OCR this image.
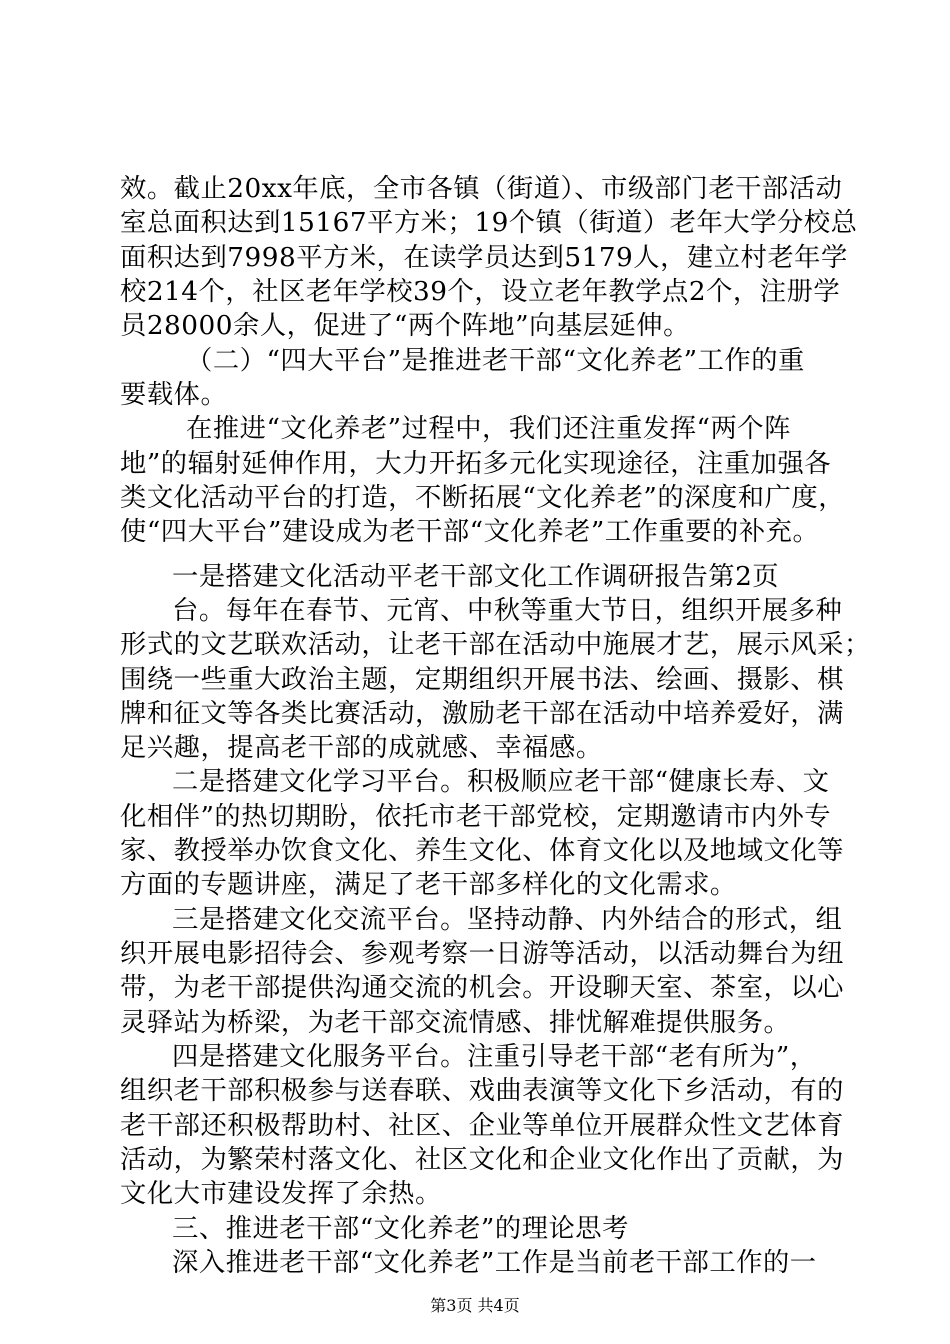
效。截止20xx年底，全市各镇（街道）、市级部门老干部活动
室总面积达到15167平方米；19个镇（街道）老年大学分校总
面积达到7998平方米，在读学员达到5179人，建立村老年学
校214个，社区老年学校39个，设立老年教学点2个，注册学
员28000余人，促进了“两个阵地”向基层延伸。
（二）“四大平台”是推进老干部“文化养老”工作的重
要载体。
在推进“文化养老”过程中，我们还注重发挥“两个阵
地”的辐射延伸作用，大力开拓多元化实现途径，注重加强各
类文化活动平台的打造，不断拓展“文化养老”的深度和广度，
使“四大平台”建设成为老干部“文化养老”工作重要的补充。
一是搭建文化活动平老干部文化工作调研报告第2页
台。每年在春节、元宵、中秋等重大节日，组织开展多种
形式的文艺联欢活动，让老干部在活动中施展才艺，展示风采；
围绕一些重大政治主题，定期组织开展书法、绘画、摄影、棋
牌和征文等各类比赛活动，激励老干部在活动中培养爱好，满
足兴趣，提高老干部的成就感、幸福感。
二是搭建文化学习平台。积极顺应老干部“健康长寿、文
化相伴”的热切期盼，依托市老干部党校，定期邀请市内外专
家、教授举办饮食文化、养生文化、体育文化以及地域文化等
方面的专题讲座，满足了老干部多样化的文化需求。
三是搭建文化交流平台。坚持动静、内外结合的形式，组
织开展电影招待会、参观考察一日游等活动，以活动舞台为纽
带，为老干部提供沟通交流的机会。开设聊天室、茶室，以心
灵驿站为桥梁，为老干部交流情感、排忧解难提供服务。
四是搭建文化服务平台。注重引导老干部“老有所为”，
组织老干部积极参与送春联、戏曲表演等文化下乡活动，有的
老干部还积极帮助村、社区、企业等单位开展群众性文艺体育
活动，为繁荣村落文化、社区文化和企业文化作出了贡献，为
第3页 共4页
文化大市建设发挥了余热。
三、推进老干部“文化养老”的理论思考
深入推进老干部“文化养老”工作是当前老干部工作的一
